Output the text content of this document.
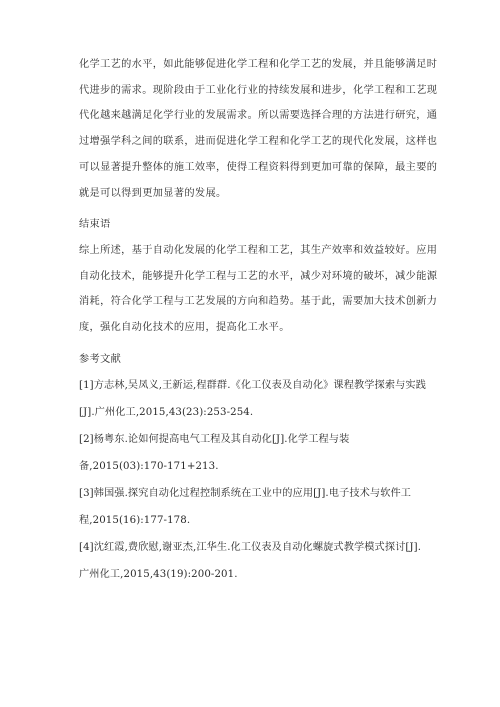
化学工艺的水平，如此能够促进化学工程和化学工艺的发展，并且能够满足时
代进步的需求。现阶段由于工业化行业的持续发展和进步，化学工程和工艺现
代化越来越满足化学行业的发展需求。所以需要选择合理的方法进行研究，通
过增强学科之间的联系，进而促进化学工程和化学工艺的现代化发展，这样也
可以显著提升整体的施工效率，使得工程资料得到更加可靠的保障，最主要的
就是可以得到更加显著的发展。
结束语
综上所述，基于自动化发展的化学工程和工艺，其生产效率和效益较好。应用
自动化技术，能够提升化学工程与工艺的水平，减少对环境的破坏，减少能源
消耗，符合化学工程与工艺发展的方向和趋势。基于此，需要加大技术创新力
度，强化自动化技术的应用，提高化工水平。
参考文献
[1]方志林,吴凤义,王新运,程群群.《化工仪表及自动化》课程教学探索与实践
[J].广州化工,2015,43(23):253-254.
[2]杨粤东.论如何提高电气工程及其自动化[J].化学工程与装
备,2015(03):170-171+213.
[3]韩国强.探究自动化过程控制系统在工业中的应用[J].电子技术与软件工
程,2015(16):177-178.
[4]沈红霞,费欣慰,谢亚杰,江华生.化工仪表及自动化螺旋式教学模式探讨[J].
广州化工,2015,43(19):200-201.
